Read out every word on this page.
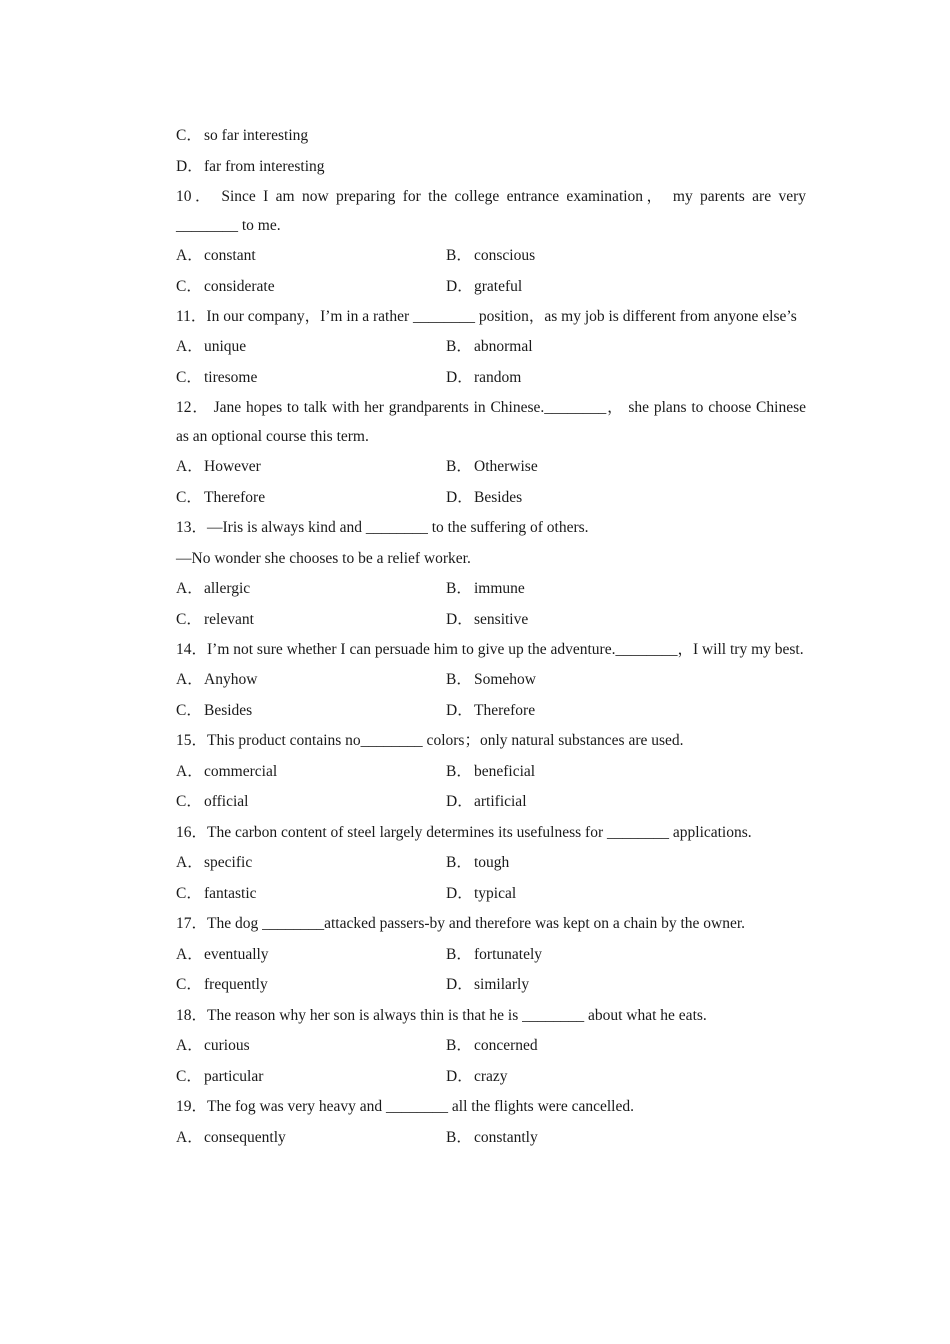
C． so far interesting
D．far from interesting
10． Since I am now preparing for the college entrance examination， my parents are very ________ to me.
A．constant	B． conscious
C． considerate	D．grateful
11．In our company，I’m in a rather ________ position，as my job is different from anyone else’s
A．unique	B． abnormal
C． tiresome	D．random
12． Jane hopes to talk with her grandparents in Chinese.________， she plans to choose Chinese as an optional course this term.
A．However	B． Otherwise
C． Therefore	D．Besides
13．—Iris is always kind and ________ to the suffering of others.
—No wonder she chooses to be a relief worker.
A．allergic	B． immune
C． relevant	D．sensitive
14．I’m not sure whether I can persuade him to give up the adventure.________，I will try my best.
A．Anyhow	B． Somehow
C． Besides	D．Therefore
15．This product contains no________ colors；only natural substances are used.
A．commercial	B． beneficial
C． official	D．artificial
16．The carbon content of steel largely determines its usefulness for ________ applications.
A．specific	B． tough
C． fantastic	D．typical
17．The dog ________attacked passers-by and therefore was kept on a chain by the owner.
A．eventually	B． fortunately
C． frequently	D．similarly
18．The reason why her son is always thin is that he is ________ about what he eats.
A．curious	B． concerned
C． particular	D．crazy
19．The fog was very heavy and ________ all the flights were cancelled.
A．consequently	B． constantly
